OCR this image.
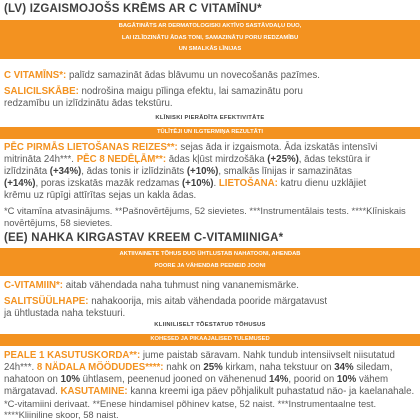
(LV) IZGAISMOJOŠS KRĒMS AR C VITAMĪNU*
BAGĀTINĀTS AR DERMATOLOGISKI AKTĪVO SASTĀVDAĻU DUO,
LAI IZLĪDZINĀTU ĀDAS TONI, SAMAZINĀTU PORU REDZAMĪBU
UN SMALKĀS LĪNIJAS
C VITAMĪNS*: palīdz samazināt ādas blāvumu un novecošanās pazīmes.
SALICILSKĀBE: nodrošina maigu pīlinga efektu, lai samazinātu poru
redzamību un izlīdzinātu ādas tekstūru.
KLĪNISKI PIERĀDĪTA EFEKTIVITĀTE
TŪLĪTĒJI UN ILGTERMIŅA REZULTĀTI
PĒC PIRMĀS LIETOŠANAS REIZES**: sejas āda ir izgaismota. Āda izskatās intensīvi
mitrināta 24h***. PĒC 8 NEDĒĻĀM**: ādas kļūst mirdzošāka (+25%), ādas tekstūra ir
izlīdzināta (+34%), ādas tonis ir izlīdzināts (+10%), smalkās līnijas ir samazinātas
(+14%), poras izskatās mazāk redzamas (+10%). LIETOŠANA: katru dienu uzklājiet
krēmu uz rūpīgi attīrītas sejas un kakla ādas.
*C vitamīna atvasinājums. **Pašnovērtējums, 52 sievietes. ***Instrumentālais tests. ****Klīniskais
novērtējums, 58 sievietes.
(EE) NAHKA KIRGASTAV KREEM C-VITAMIINIGA*
AKTIIVAINETE TÕHUS DUO ÜHTLUSTAB NAHATOONI, AHENDAB
POORE JA VÄHENDAB PEENEID JOONI
C-VITAMIIN*: aitab vähendada naha tuhmust ning vananemismärke.
SALITSÜÜLHAPE: nahakoorija, mis aitab vähendada pooride märgatavust
ja ühtlustada naha tekstuuri.
KLIINILISELT TÕESTATUD TÕHUSUS
KOHESED JA PIKAAJALISED TULEMUSED
PEALE 1 KASUTUSKORDA**: jume paistab säravam. Nahk tundub intensiivselt niisutatud
24h***. 8 NÄDALA MÖÖDUDES****: nahk on 25% kirkam, naha tekstuur on 34% siledam,
nahatoon on 10% ühtlasem, peenenud jooned on vähenenud 14%, poorid on 10% vähem
märgatavad. KASUTAMINE: kanna kreemi iga päev põhjalikult puhastatud näo- ja kaelanahale.
*C-vitamiini derivaat. **Enese hindamisel põhinev katse, 52 naist. ***Instrumentaalne test.
****Kliiniline skoor, 58 naist.
